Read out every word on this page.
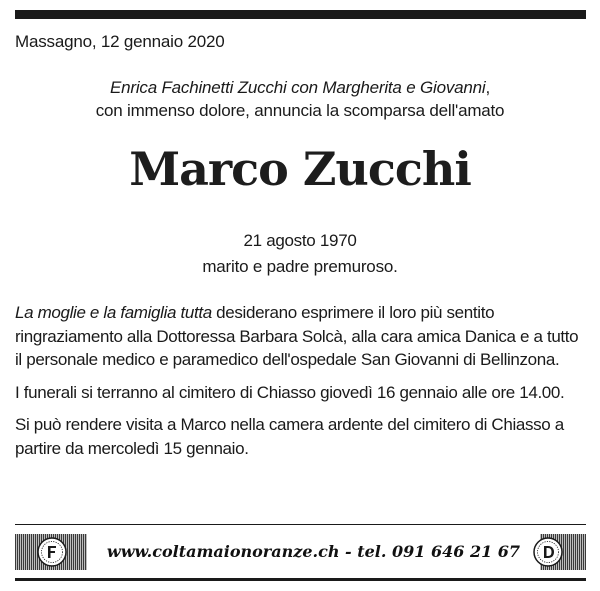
Massagno, 12 gennaio 2020
Enrica Fachinetti Zucchi con Margherita e Giovanni,
con immenso dolore, annuncia la scomparsa dell'amato
Marco Zucchi
21 agosto 1970
marito e padre premuroso.

La moglie e la famiglia tutta desiderano esprimere il loro più sentito ringraziamento alla Dottoressa Barbara Solcà, alla cara amica Danica e a tutto il personale medico e paramedico dell'ospedale San Giovanni di Bellinzona.

I funerali si terranno al cimitero di Chiasso giovedì 16 gennaio alle ore 14.00.

Si può rendere visita a Marco nella camera ardente del cimitero di Chiasso a partire da mercoledì 15 gennaio.

www.coltamaionoranze.ch - tel. 091 646 21 67
